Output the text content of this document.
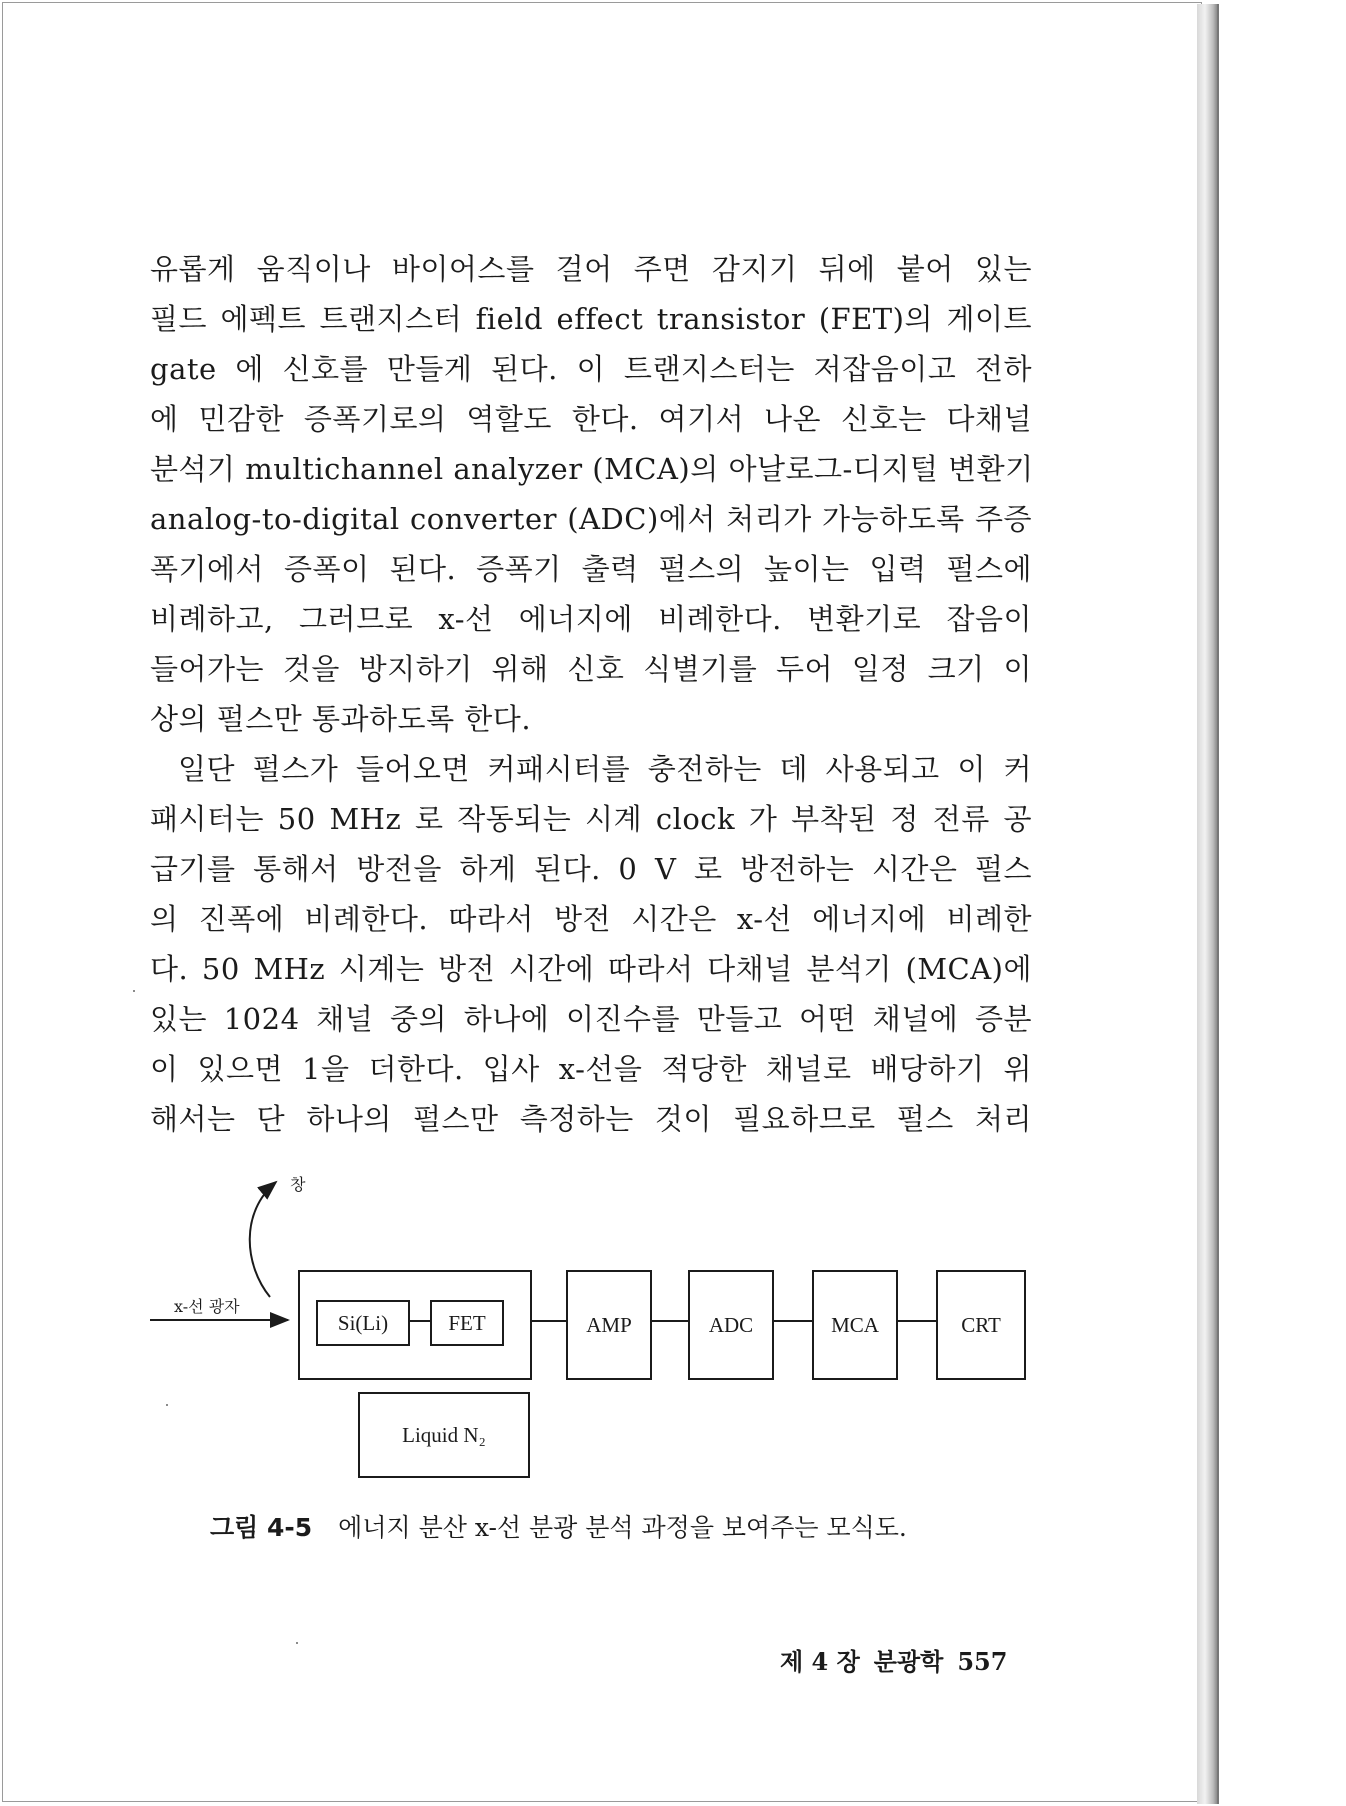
유롭게 움직이나 바이어스를 걸어 주면 감지기 뒤에 붙어 있는
필드 에펙트 트랜지스터 field effect transistor (FET)의 게이트
gate 에 신호를 만들게 된다. 이 트랜지스터는 저잡음이고 전하
에 민감한 증폭기로의 역할도 한다. 여기서 나온 신호는 다채널
분석기 multichannel analyzer (MCA)의 아날로그-디지털 변환기
analog-to-digital converter (ADC)에서 처리가 가능하도록 주증
폭기에서 증폭이 된다. 증폭기 출력 펄스의 높이는 입력 펄스에
비례하고, 그러므로 x-선 에너지에 비례한다. 변환기로 잡음이
들어가는 것을 방지하기 위해 신호 식별기를 두어 일정 크기 이
상의 펄스만 통과하도록 한다.
일단 펄스가 들어오면 커패시터를 충전하는 데 사용되고 이 커
패시터는 50 MHz 로 작동되는 시계 clock 가 부착된 정 전류 공
급기를 통해서 방전을 하게 된다. 0 V 로 방전하는 시간은 펄스
의 진폭에 비례한다. 따라서 방전 시간은 x-선 에너지에 비례한
다. 50 MHz 시계는 방전 시간에 따라서 다채널 분석기 (MCA)에
있는 1024 채널 중의 하나에 이진수를 만들고 어떤 채널에 증분
이 있으면 1을 더한다. 입사 x-선을 적당한 채널로 배당하기 위
해서는 단 하나의 펄스만 측정하는 것이 필요하므로 펄스 처리
창
x-선 광자
Si(Li)	FET	AMP	ADC	MCA	CRT
Liquid N₂
그림 4-5 에너지 분산 x-선 분광 분석 과정을 보여주는 모식도.
제 4 장 분광학 557
